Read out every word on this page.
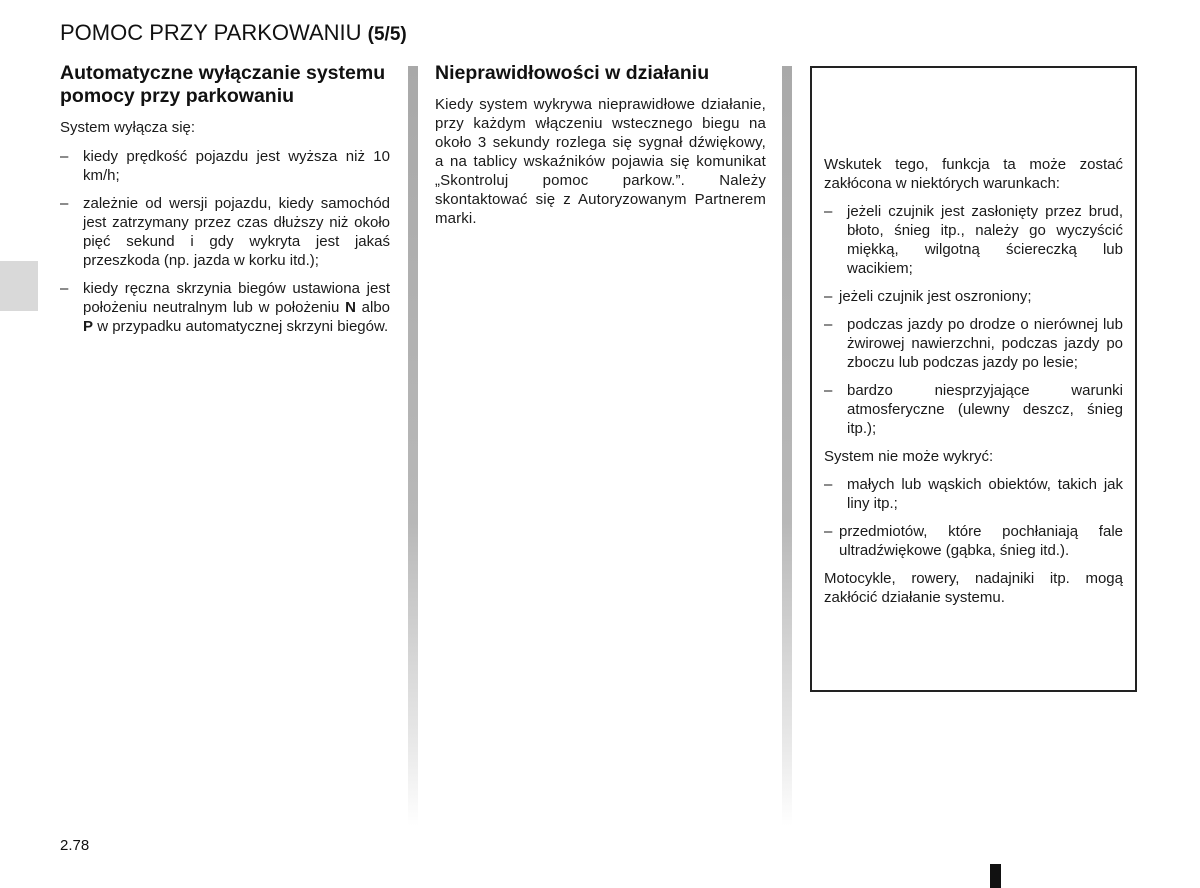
POMOC PRZY PARKOWANIU (5/5)
Automatyczne wyłączanie systemu pomocy przy parkowaniu

System wyłącza się:

– kiedy prędkość pojazdu jest wyższa niż 10 km/h;
– zależnie od wersji pojazdu, kiedy samochód jest zatrzymany przez czas dłuższy niż około pięć sekund i gdy wykryta jest jakaś przeszkoda (np. jazda w korku itd.);
– kiedy ręczna skrzynia biegów ustawiona jest położeniu neutralnym lub w położeniu N albo P w przypadku automatycznej skrzyni biegów.
Nieprawidłowości w działaniu

Kiedy system wykrywa nieprawidłowe działanie, przy każdym włączeniu wstecznego biegu na około 3 sekundy rozlega się sygnał dźwiękowy, a na tablicy wskaźników pojawia się komunikat „Skontroluj pomoc parkow.”. Należy skontaktować się z Autoryzowanym Partnerem marki.

Wskutek tego, funkcja ta może zostać zakłócona w niektórych warunkach:

– jeżeli czujnik jest zasłonięty przez brud, błoto, śnieg itp., należy go wyczyścić miękką, wilgotną ściereczką lub wacikiem;
– jeżeli czujnik jest oszroniony;
– podczas jazdy po drodze o nierównej lub żwirowej nawierzchni, podczas jazdy po zboczu lub podczas jazdy po lesie;
– bardzo niesprzyjające warunki atmosferyczne (ulewny deszcz, śnieg itp.);

System nie może wykryć:

– małych lub wąskich obiektów, takich jak liny itp.;
– przedmiotów, które pochłaniają fale ultradźwiękowe (gąbka, śnieg itd.).

Motocykle, rowery, nadajniki itp. mogą zakłócić działanie systemu.

2.78
